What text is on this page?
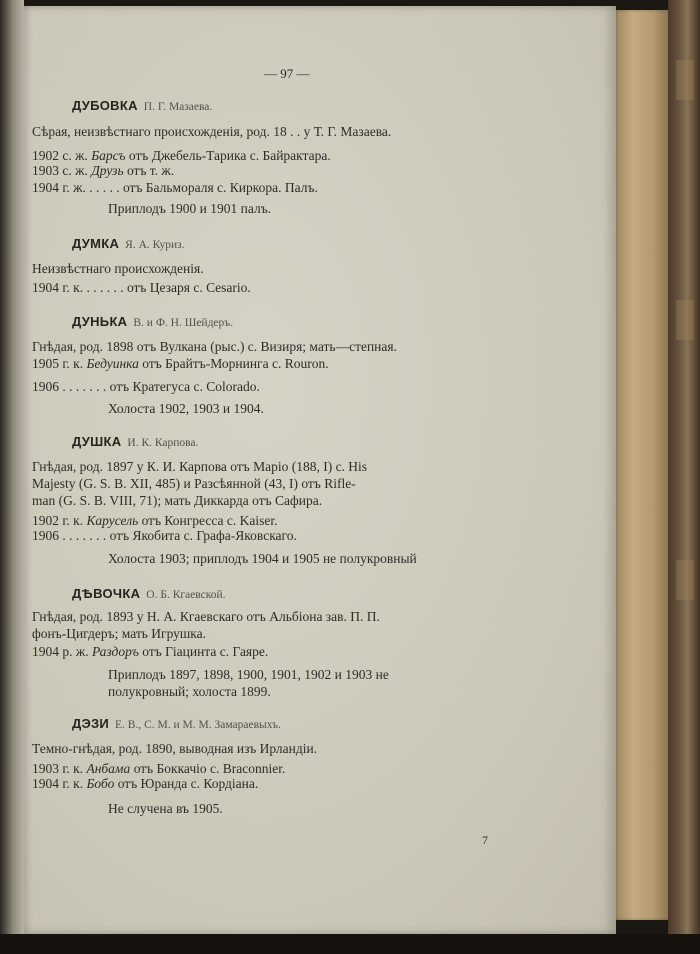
— 97 —
ДУБОВКА П. Г. Мазаева.
Сѣрая, неизвѣстнаго происхожденія, род. 18 . . у Т. Г. Мазаева.
1902 с. ж. Барсъ отъ Джебель-Тарика с. Байрактара.
1903 с. ж. Друзь отъ т. ж.
1904 г. ж. . . . . . отъ Бальмораля с. Киркора. Палъ.
Приплодъ 1900 и 1901 палъ.
ДУМКА Я. А. Куриз.
Неизвѣстнаго происхожденія.
1904 г. к. . . . . . . отъ Цезаря с. Cesario.
ДУНЬКА В. и Ф. Н. Шейдеръ.
Гнѣдая, род. 1898 отъ Вулкана (рыс.) с. Визиря; мать—степная.
1905 г. к. Бедуинка отъ Брайтъ-Морнинга с. Rouron.
1906 . . . . . . . отъ Кратегуса с. Colorado.
Холоста 1902, 1903 и 1904.
ДУШКА И. К. Карпова.
Гнѣдая, род. 1897 у К. И. Карпова отъ Маріо (188, I) с. His
Majesty (G. S. B. XII, 485) и Разсѣянной (43, I) отъ Rifle-
man (G. S. B. VIII, 71); мать Диккарда отъ Сафира.
1902 г. к. Карусель отъ Конгресса с. Kaiser.
1906 . . . . . . . отъ Якобита с. Графа-Яковскаго.
Холоста 1903; приплодъ 1904 и 1905 не полукровный
ДѢВОЧКА О. Б. Кгаевской.
Гнѣдая, род. 1893 у Н. А. Кгаевскаго отъ Альбіона зав. П. П.
фонъ-Цигдеръ; мать Игрушка.
1904 р. ж. Раздоръ отъ Гіацинта с. Гаяре.
Приплодъ 1897, 1898, 1900, 1901, 1902 и 1903 не
полукровный; холоста 1899.
ДЭЗИ Е. В., С. М. и М. М. Замараевыхъ.
Темно-гнѣдая, род. 1890, выводная изъ Ирландіи.
1903 г. к. Анбама отъ Боккачіо с. Braconnier.
1904 г. к. Бобо отъ Юранда с. Кордіана.
Не случена въ 1905.
7
